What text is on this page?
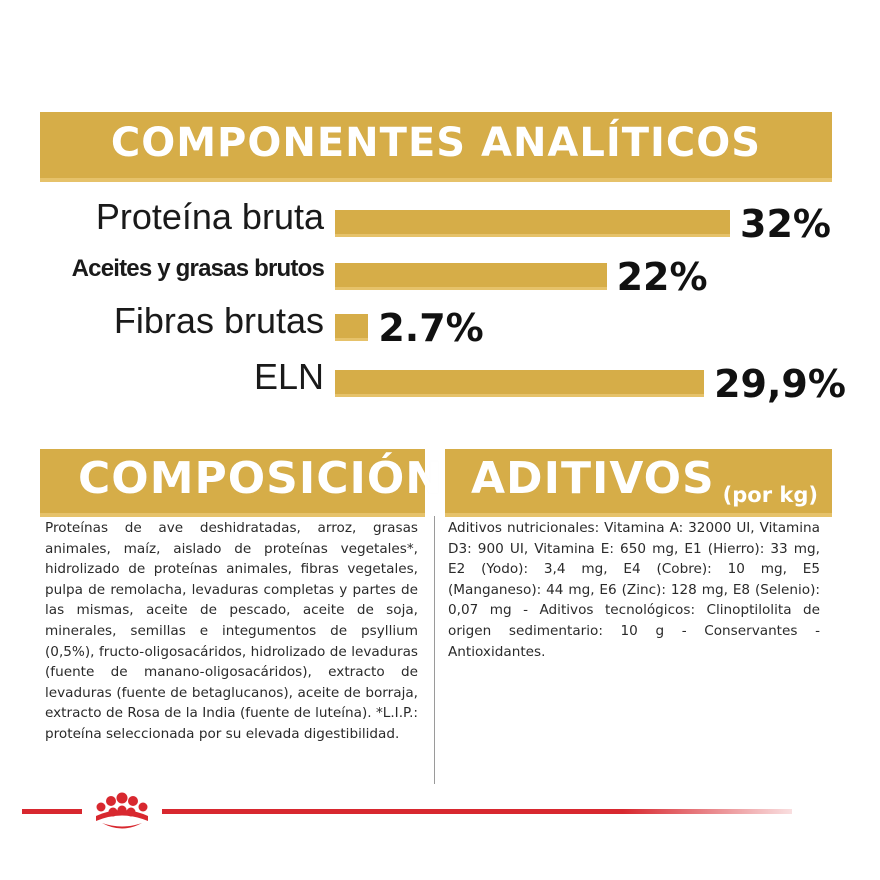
COMPONENTES ANALÍTICOS
Proteína bruta	32%
Aceites y grasas brutos	22%
Fibras brutas 2.7%
ELN	29,9%
COMPOSICIÓN ADITIVOS (por kg)
Proteínas de ave deshidratadas, arroz, grasas animales, maíz, aislado de proteínas vegetales*, hidrolizado de proteínas animales, fibras vegetales, pulpa de remolacha, levaduras completas y partes de las mismas, aceite de pescado, aceite de soja, minerales, semillas e integumentos de psyllium (0,5%), fructo-oligosacáridos, hidrolizado de levaduras (fuente de manano-oligosacáridos), extracto de levaduras (fuente de betaglucanos), aceite de borraja, extracto de Rosa de la India (fuente de luteína). *L.I.P.: proteína seleccionada por su elevada digestibilidad.
Aditivos nutricionales: Vitamina A: 32000 UI, Vitamina D3: 900 UI, Vitamina E: 650 mg, E1 (Hierro): 33 mg, E2 (Yodo): 3,4 mg, E4 (Cobre): 10 mg, E5 (Manganeso): 44 mg, E6 (Zinc): 128 mg, E8 (Selenio): 0,07 mg - Aditivos tecnológicos: Clinoptilolita de origen sedimentario: 10 g - Conservantes - Antioxidantes.
